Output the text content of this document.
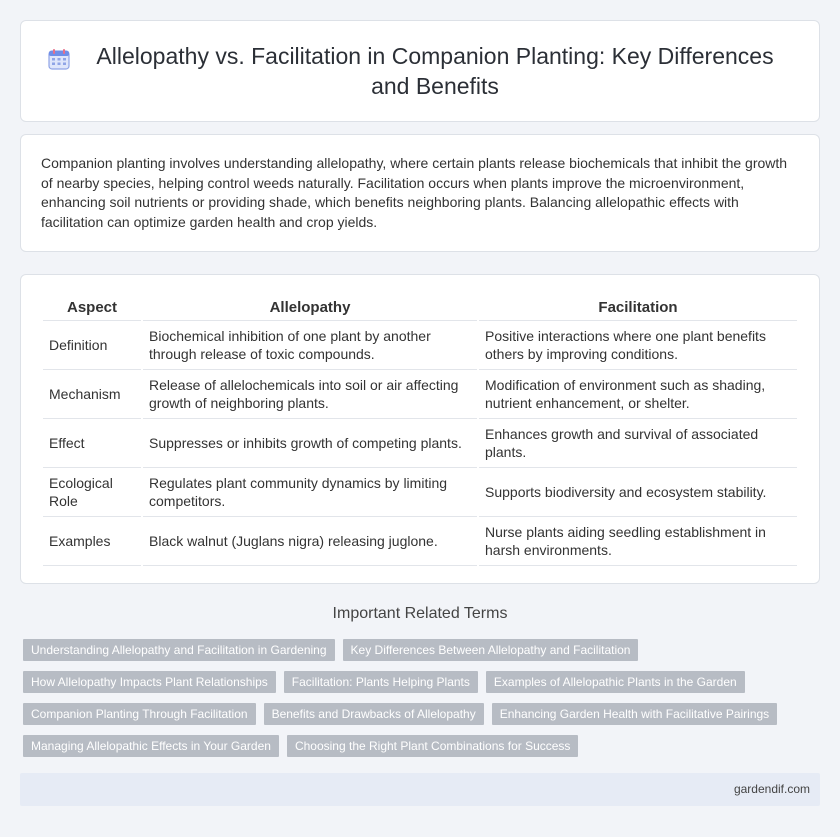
Allelopathy vs. Facilitation in Companion Planting: Key Differences and Benefits

Companion planting involves understanding allelopathy, where certain plants release biochemicals that inhibit the growth of nearby species, helping control weeds naturally. Facilitation occurs when plants improve the microenvironment, enhancing soil nutrients or providing shade, which benefits neighboring plants. Balancing allelopathic effects with facilitation can optimize garden health and crop yields.

Aspect	Allelopathy	Facilitation
Definition	Biochemical inhibition of one plant by another through release of toxic compounds.	Positive interactions where one plant benefits others by improving conditions.
Mechanism	Release of allelochemicals into soil or air affecting growth of neighboring plants.	Modification of environment such as shading, nutrient enhancement, or shelter.
Effect	Suppresses or inhibits growth of competing plants.	Enhances growth and survival of associated plants.
Ecological Role	Regulates plant community dynamics by limiting competitors.	Supports biodiversity and ecosystem stability.
Examples	Black walnut (Juglans nigra) releasing juglone.	Nurse plants aiding seedling establishment in harsh environments.
Important Related Terms
Understanding Allelopathy and Facilitation in Gardening	Key Differences Between Allelopathy and Facilitation
How Allelopathy Impacts Plant Relationships	Facilitation: Plants Helping Plants	Examples of Allelopathic Plants in the Garden
Companion Planting Through Facilitation	Benefits and Drawbacks of Allelopathy	Enhancing Garden Health with Facilitative Pairings
Managing Allelopathic Effects in Your Garden	Choosing the Right Plant Combinations for Success
gardendif.com
